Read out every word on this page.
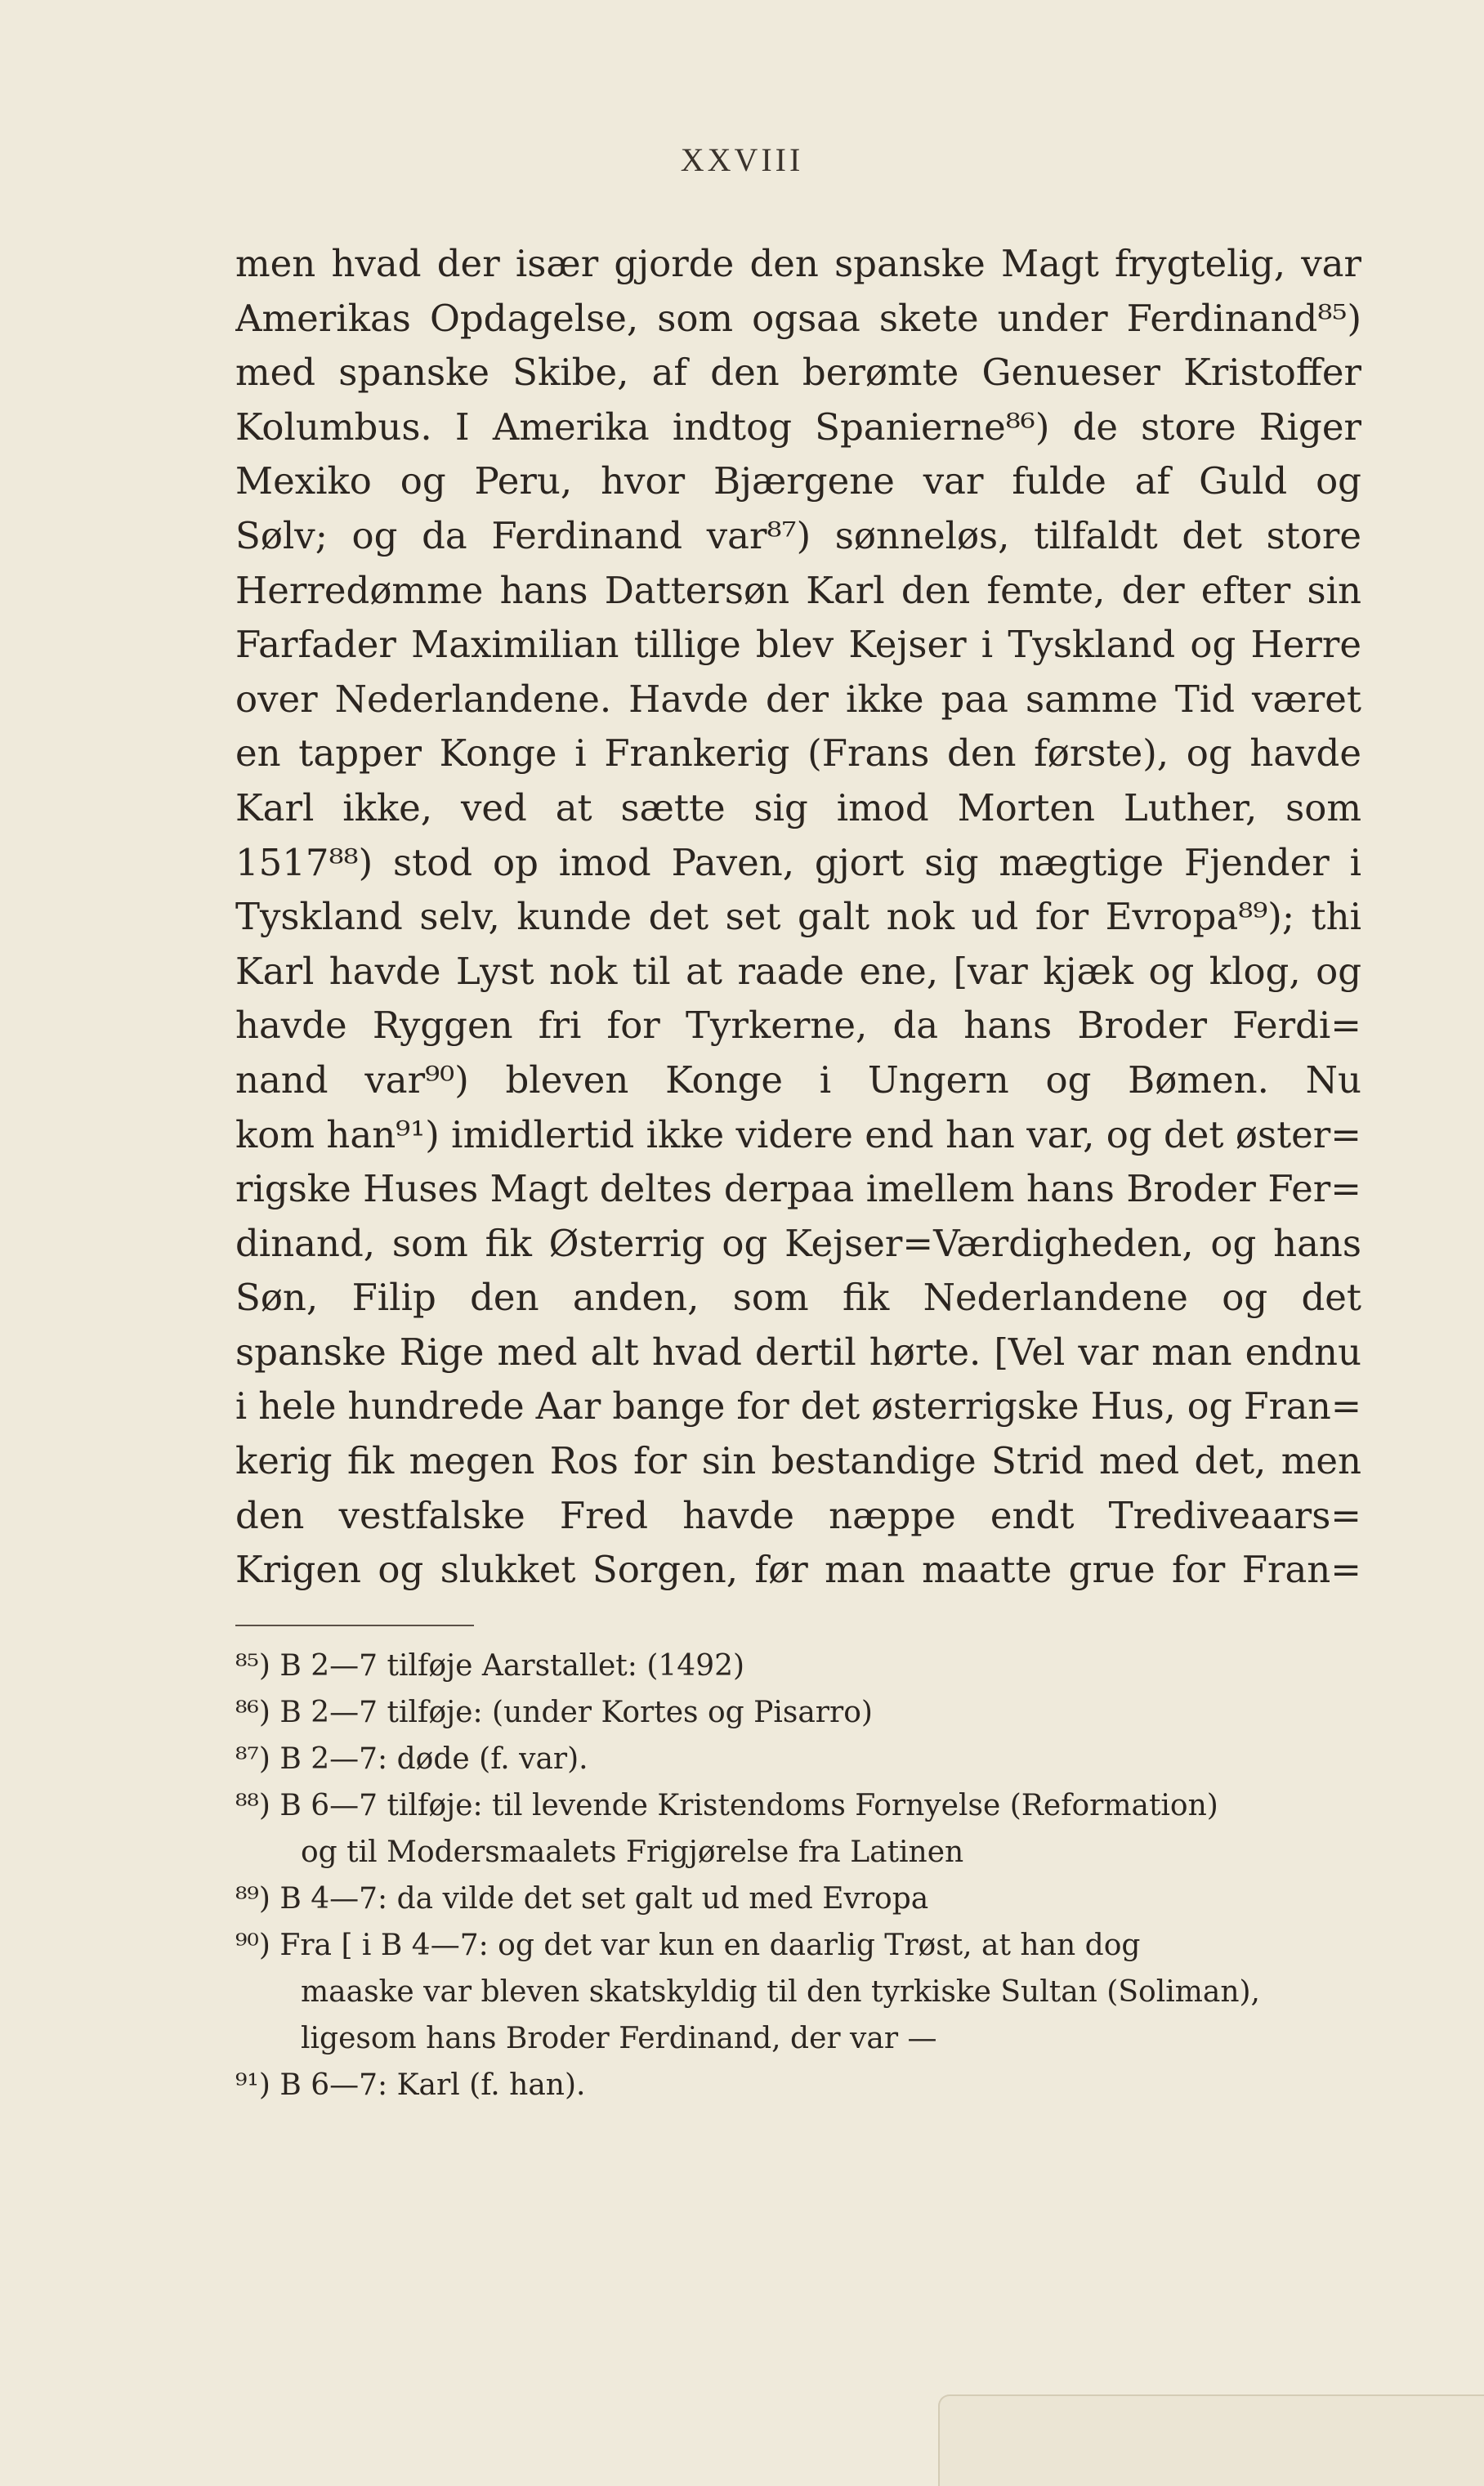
XXVIII
men hvad der især gjorde den spanske Magt frygtelig, var
Amerikas Opdagelse, som ogsaa skete under Ferdinand⁸⁵)
med spanske Skibe, af den berømte Genueser Kristoffer
Kolumbus. I Amerika indtog Spanierne⁸⁶) de store Riger
Mexiko og Peru, hvor Bjærgene var fulde af Guld og
Sølv; og da Ferdinand var⁸⁷) sønneløs, tilfaldt det store
Herredømme hans Dattersøn Karl den femte, der efter sin
Farfader Maximilian tillige blev Kejser i Tyskland og Herre
over Nederlandene. Havde der ikke paa samme Tid været
en tapper Konge i Frankerig (Frans den første), og havde
Karl ikke, ved at sætte sig imod Morten Luther, som
1517⁸⁸) stod op imod Paven, gjort sig mægtige Fjender i
Tyskland selv, kunde det set galt nok ud for Evropa⁸⁹); thi
Karl havde Lyst nok til at raade ene, [var kjæk og klog, og
havde Ryggen fri for Tyrkerne, da hans Broder Ferdi=
nand var⁹⁰) bleven Konge i Ungern og Bømen. Nu
kom han⁹¹) imidlertid ikke videre end han var, og det øster=
rigske Huses Magt deltes derpaa imellem hans Broder Fer=
dinand, som fik Østerrig og Kejser=Værdigheden, og hans
Søn, Filip den anden, som fik Nederlandene og det
spanske Rige med alt hvad dertil hørte. [Vel var man endnu
i hele hundrede Aar bange for det østerrigske Hus, og Fran=
kerig fik megen Ros for sin bestandige Strid med det, men
den vestfalske Fred havde næppe endt Trediveaars=
Krigen og slukket Sorgen, før man maatte grue for Fran=
⁸⁵) B 2—7 tilføje Aarstallet: (1492)
⁸⁶) B 2—7 tilføje: (under Kortes og Pisarro)
⁸⁷) B 2—7: døde (f. var).
⁸⁸) B 6—7 tilføje: til levende Kristendoms Fornyelse (Reformation)
og til Modersmaalets Frigjørelse fra Latinen
⁸⁹) B 4—7: da vilde det set galt ud med Evropa
⁹⁰) Fra [ i B 4—7: og det var kun en daarlig Trøst, at han dog
maaske var bleven skatskyldig til den tyrkiske Sultan (Soliman),
ligesom hans Broder Ferdinand, der var —
⁹¹) B 6—7: Karl (f. han).
